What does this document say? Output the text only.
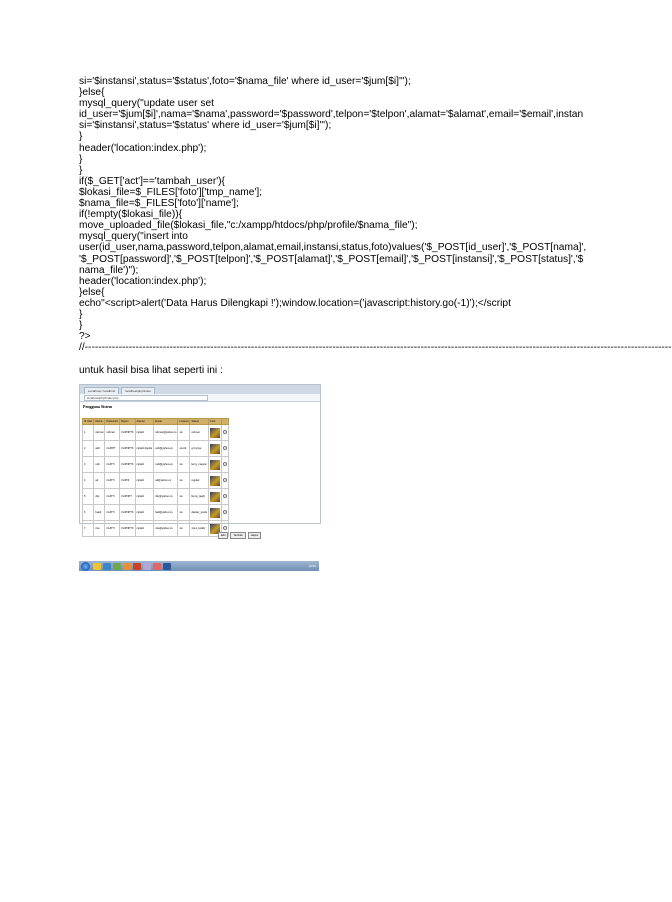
si='$instansi',status='$status',foto='$nama_file' where id_user='$jum[$i]'");
}else{
mysql_query("update user set
id_user='$jum[$i]',nama='$nama',password='$password',telpon='$telpon',alamat='$alamat',email='$email',instan
si='$instansi',status='$status' where id_user='$jum[$i]'");
}
header('location:index.php');
}
}
if($_GET['act']=='tambah_user'){
$lokasi_file=$_FILES['foto']['tmp_name'];
$nama_file=$_FILES['foto']['name'];
if(!empty($lokasi_file)){
move_uploaded_file($lokasi_file,"c:/xampp/htdocs/php/profile/$nama_file");
mysql_query("insert into
user(id_user,nama,password,telpon,alamat,email,instansi,status,foto)values('$_POST[id_user]','$_POST[nama]',
'$_POST[password]','$_POST[telpon]','$_POST[alamat]','$_POST[email]','$_POST[instansi]','$_POST[status]','$
nama_file')");
header('location:index.php');
}else{
echo"<script>alert('Data Harus Dilengkapi !');window.location=('javascript:history.go(-1)');</script
}
}
?>
//-----------------------------------------------------------------------------------------------------------------------------------------------------------------------------
untuk hasil bisa lihat seperti ini :
Localhost / localhost	localhost/php/index
localhost/php/index.php
Pengguna Sistem
Id User	Nama	Password	Telpon	Alamat	Email	Instansi	Status	Foto	
1	rahmat	rahmat	CLIPNPTS	cipdeli	rahmat@yahoo.co	sis	rahmat	

2	ardi	CLIPPT	CLIPNPTS	cipdeli dppdsi	ardi@yahoo.co	sis-itk	g.rkyriye	

3	rudi	CLIPTI	CLIPNPTS	cipdeli	rudi@yahoo.co	sis	lemy_mapssi	

4	ati	CLIPTI	CLIPNI	cipdeli	ati@yahoo.co	sis	regular	

5	dity	CLIPTI	CLIPNPT	cipdeli	dity@yahoo.co	sis	fenoy_lagdi	

6	fuadi	CLIPTI	CLIPNPTS	cipdeli	fadi@yahoo.co	sis	danker_peidu	

7	rios	CLIPTI	CLIPNPTS	cipdeli	rios@yahoo.co	sis	zoe1_koddy	

Edit	Tambah	Hapus
10:05
